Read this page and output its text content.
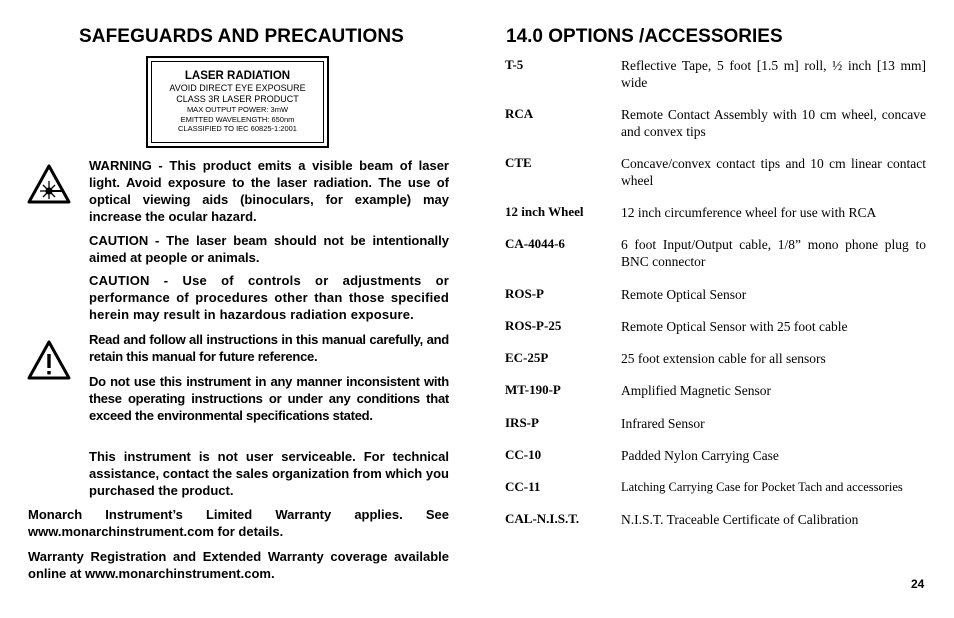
SAFEGUARDS AND PRECAUTIONS
LASER RADIATION
AVOID DIRECT EYE EXPOSURE
CLASS 3R LASER PRODUCT
MAX OUTPUT POWER: 3mW
EMITTED WAVELENGTH: 650nm
CLASSIFIED TO IEC 60825-1:2001
WARNING - This product emits a visible beam of laser light. Avoid exposure to the laser radiation. The use of optical viewing aids (binoculars, for example) may increase the ocular hazard.
CAUTION - The laser beam should not be intentionally aimed at people or animals.
CAUTION - Use of controls or adjustments or performance of procedures other than those specified herein may result in hazardous radiation exposure.
Read and follow all instructions in this manual carefully, and retain this manual for future reference.
Do not use this instrument in any manner inconsistent with these operating instructions or under any conditions that exceed the environmental specifications stated.
This instrument is not user serviceable. For technical assistance, contact the sales organization from which you purchased the product.
Monarch Instrument’s Limited Warranty applies. See www.monarchinstrument.com for details.
Warranty Registration and Extended Warranty coverage available online at www.monarchinstrument.com.
14.0 OPTIONS /ACCESSORIES
T-5	Reflective Tape, 5 foot [1.5 m] roll, ½ inch [13 mm] wide
RCA	Remote Contact Assembly with 10 cm wheel, concave and convex tips
CTE	Concave/convex contact tips and 10 cm linear contact wheel
12 inch Wheel	12 inch circumference wheel for use with RCA
CA-4044-6	6 foot Input/Output cable, 1/8” mono phone plug to BNC connector
ROS-P	Remote Optical Sensor
ROS-P-25	Remote Optical Sensor with 25 foot cable
EC-25P	25 foot extension cable for all sensors
MT-190-P	Amplified Magnetic Sensor
IRS-P	Infrared Sensor
CC-10	Padded Nylon Carrying Case
CC-11	Latching Carrying Case for Pocket Tach and accessories
CAL-N.I.S.T.	N.I.S.T. Traceable Certificate of Calibration
24
